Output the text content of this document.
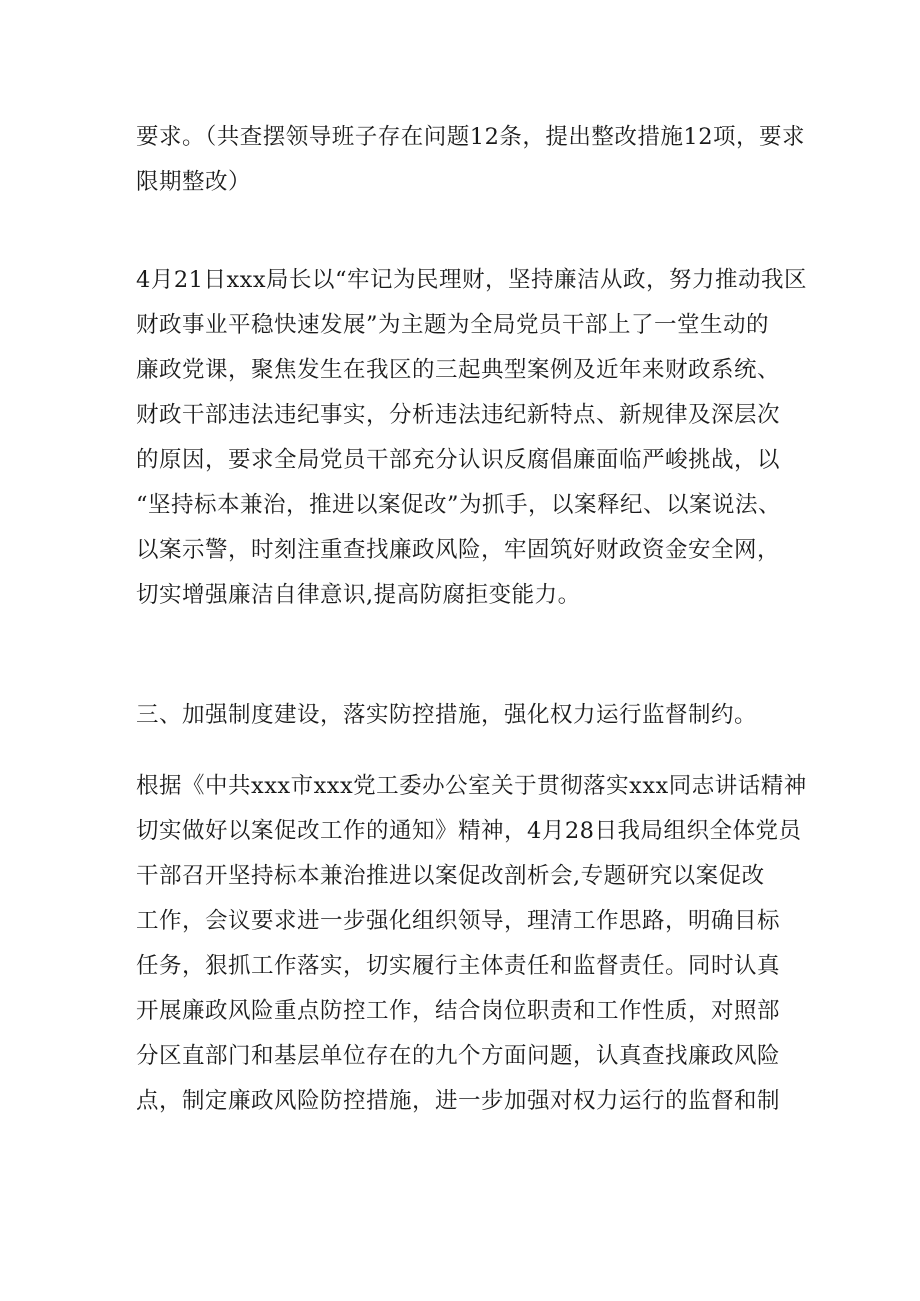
要求。（共查摆领导班子存在问题12条，提出整改措施12项，要求
限期整改）
4月21日xxx局长以“牢记为民理财，坚持廉洁从政，努力推动我区
财政事业平稳快速发展”为主题为全局党员干部上了一堂生动的
廉政党课，聚焦发生在我区的三起典型案例及近年来财政系统、
财政干部违法违纪事实，分析违法违纪新特点、新规律及深层次
的原因，要求全局党员干部充分认识反腐倡廉面临严峻挑战，以
“坚持标本兼治，推进以案促改”为抓手，以案释纪、以案说法、
以案示警，时刻注重查找廉政风险，牢固筑好财政资金安全网，
切实增强廉洁自律意识,提高防腐拒变能力。
三、加强制度建设，落实防控措施，强化权力运行监督制约。
根据《中共xxx市xxx党工委办公室关于贯彻落实xxx同志讲话精神
切实做好以案促改工作的通知》精神，4月28日我局组织全体党员
干部召开坚持标本兼治推进以案促改剖析会,专题研究以案促改
工作，会议要求进一步强化组织领导，理清工作思路，明确目标
任务，狠抓工作落实，切实履行主体责任和监督责任。同时认真
开展廉政风险重点防控工作，结合岗位职责和工作性质，对照部
分区直部门和基层单位存在的九个方面问题，认真查找廉政风险
点，制定廉政风险防控措施，进一步加强对权力运行的监督和制
